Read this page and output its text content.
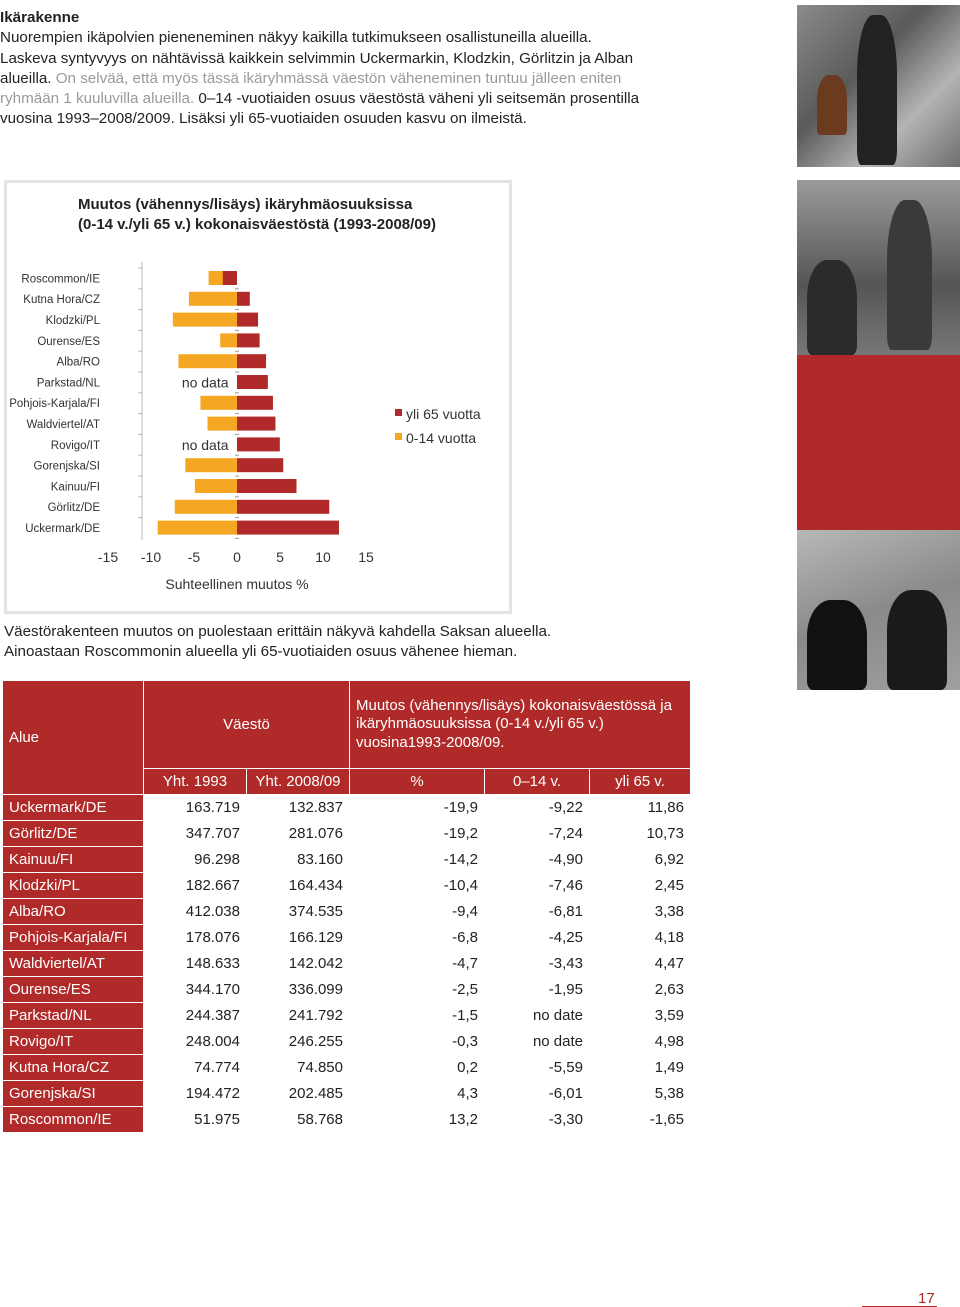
Ikärakenne
Nuorempien ikäpolvien pieneneminen näkyy kaikilla tutkimukseen osallistuneilla alueilla. Laskeva syntyvyys on nähtävissä kaikkein selvimmin Uckermarkin, Klodzkin, Görlitzin ja Alban alueilla. On selvää, että myös tässä ikäryhmässä väestön väheneminen tuntuu jälleen eniten ryhmään 1 kuuluvilla alueilla. 0–14 -vuotiaiden osuus väestöstä väheni yli seitsemän prosentilla vuosina 1993–2008/2009. Lisäksi yli 65-vuotiaiden osuuden kasvu on ilmeistä.
Muutos (vähennys/lisäys) ikäryhmäosuuksissa
(0-14 v./yli 65 v.) kokonaisväestöstä (1993-2008/09)
Roscommon/IE
Kutna Hora/CZ
Klodzki/PL
Ourense/ES
Alba/RO
Parkstad/NL
Pohjois-Karjala/FI
Waldviertel/AT
Rovigo/IT
Gorenjska/SI
Kainuu/FI
Görlitz/DE
Uckermark/DE
no data
no data
-15 -10 -5 0	5 10 15
Suhteellinen muutos %
yli 65 vuotta
0-14 vuotta
Väestörakenteen muutos on puolestaan erittäin näkyvä kahdella Saksan alueella. Ainoastaan Roscommonin alueella yli 65-vuotiaiden osuus vähenee hieman.
Alue	Väestö		Muutos (vähennys/lisäys) kokonaisväestössä ja ikäryhmäosuuksissa (0-14 v./yli 65 v.) vuosina1993-2008/09.		
	Yht. 1993	Yht. 2008/09	%	0–14 v.	yli 65 v.
Uckermark/DE	163.719	132.837	-19,9	-9,22	11,86
Görlitz/DE	347.707	281.076	-19,2	-7,24	10,73
Kainuu/FI	96.298	83.160	-14,2	-4,90	6,92
Klodzki/PL	182.667	164.434	-10,4	-7,46	2,45
Alba/RO	412.038	374.535	-9,4	-6,81	3,38
Pohjois-Karjala/FI	178.076	166.129	-6,8	-4,25	4,18
Waldviertel/AT	148.633	142.042	-4,7	-3,43	4,47
Ourense/ES	344.170	336.099	-2,5	-1,95	2,63
Parkstad/NL	244.387	241.792	-1,5	no date	3,59
Rovigo/IT	248.004	246.255	-0,3	no date	4,98
Kutna Hora/CZ	74.774	74.850	0,2	-5,59	1,49
Gorenjska/SI	194.472	202.485	4,3	-6,01	5,38
Roscommon/IE	51.975	58.768	13,2	-3,30	-1,65
17
